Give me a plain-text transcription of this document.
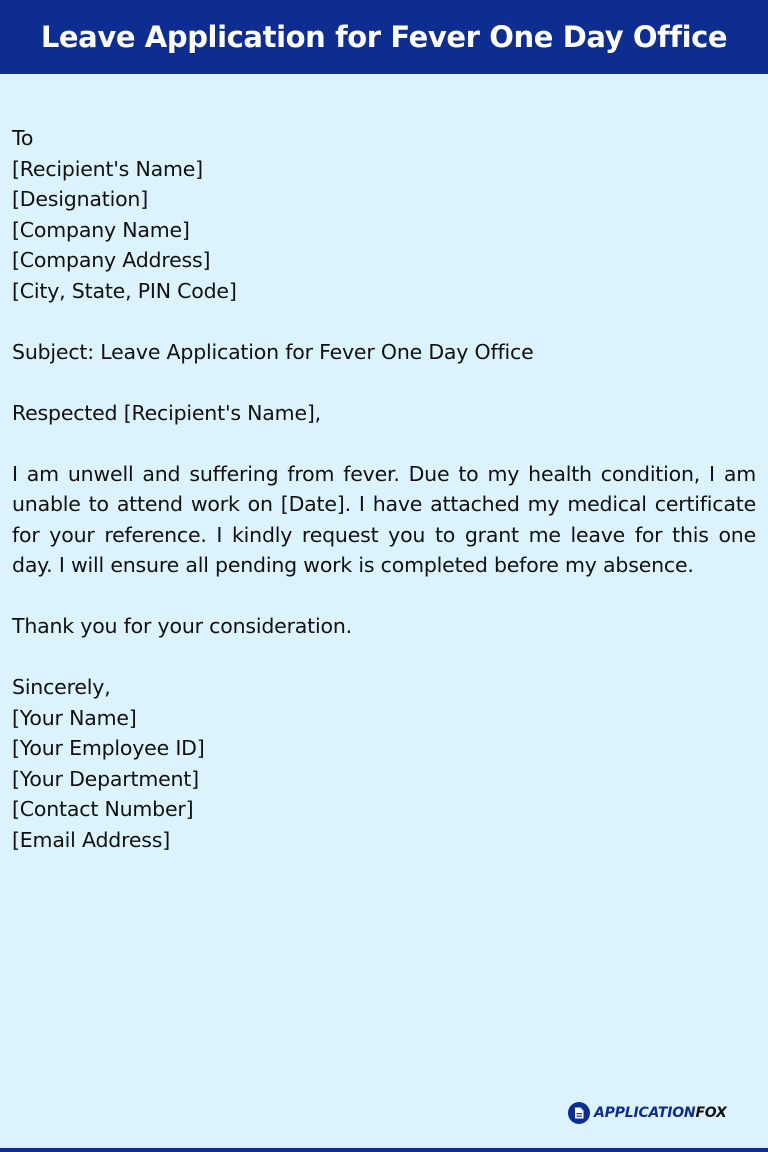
Leave Application for Fever One Day Office

To

[Recipient's Name]

[Designation]

[Company Name]

[Company Address]

[City, State, PIN Code]

Subject: Leave Application for Fever One Day Office

Respected [Recipient's Name],

I am unwell and suffering from fever. Due to my health condition, I am unable to attend work on [Date]. I have attached my medical certificate for your reference. I kindly request you to grant me leave for this one day. I will ensure all pending work is completed before my absence.

Thank you for your consideration.

Sincerely,

[Your Name]

[Your Employee ID]

[Your Department]

[Contact Number]

[Email Address]

APPLICATIONFOX
